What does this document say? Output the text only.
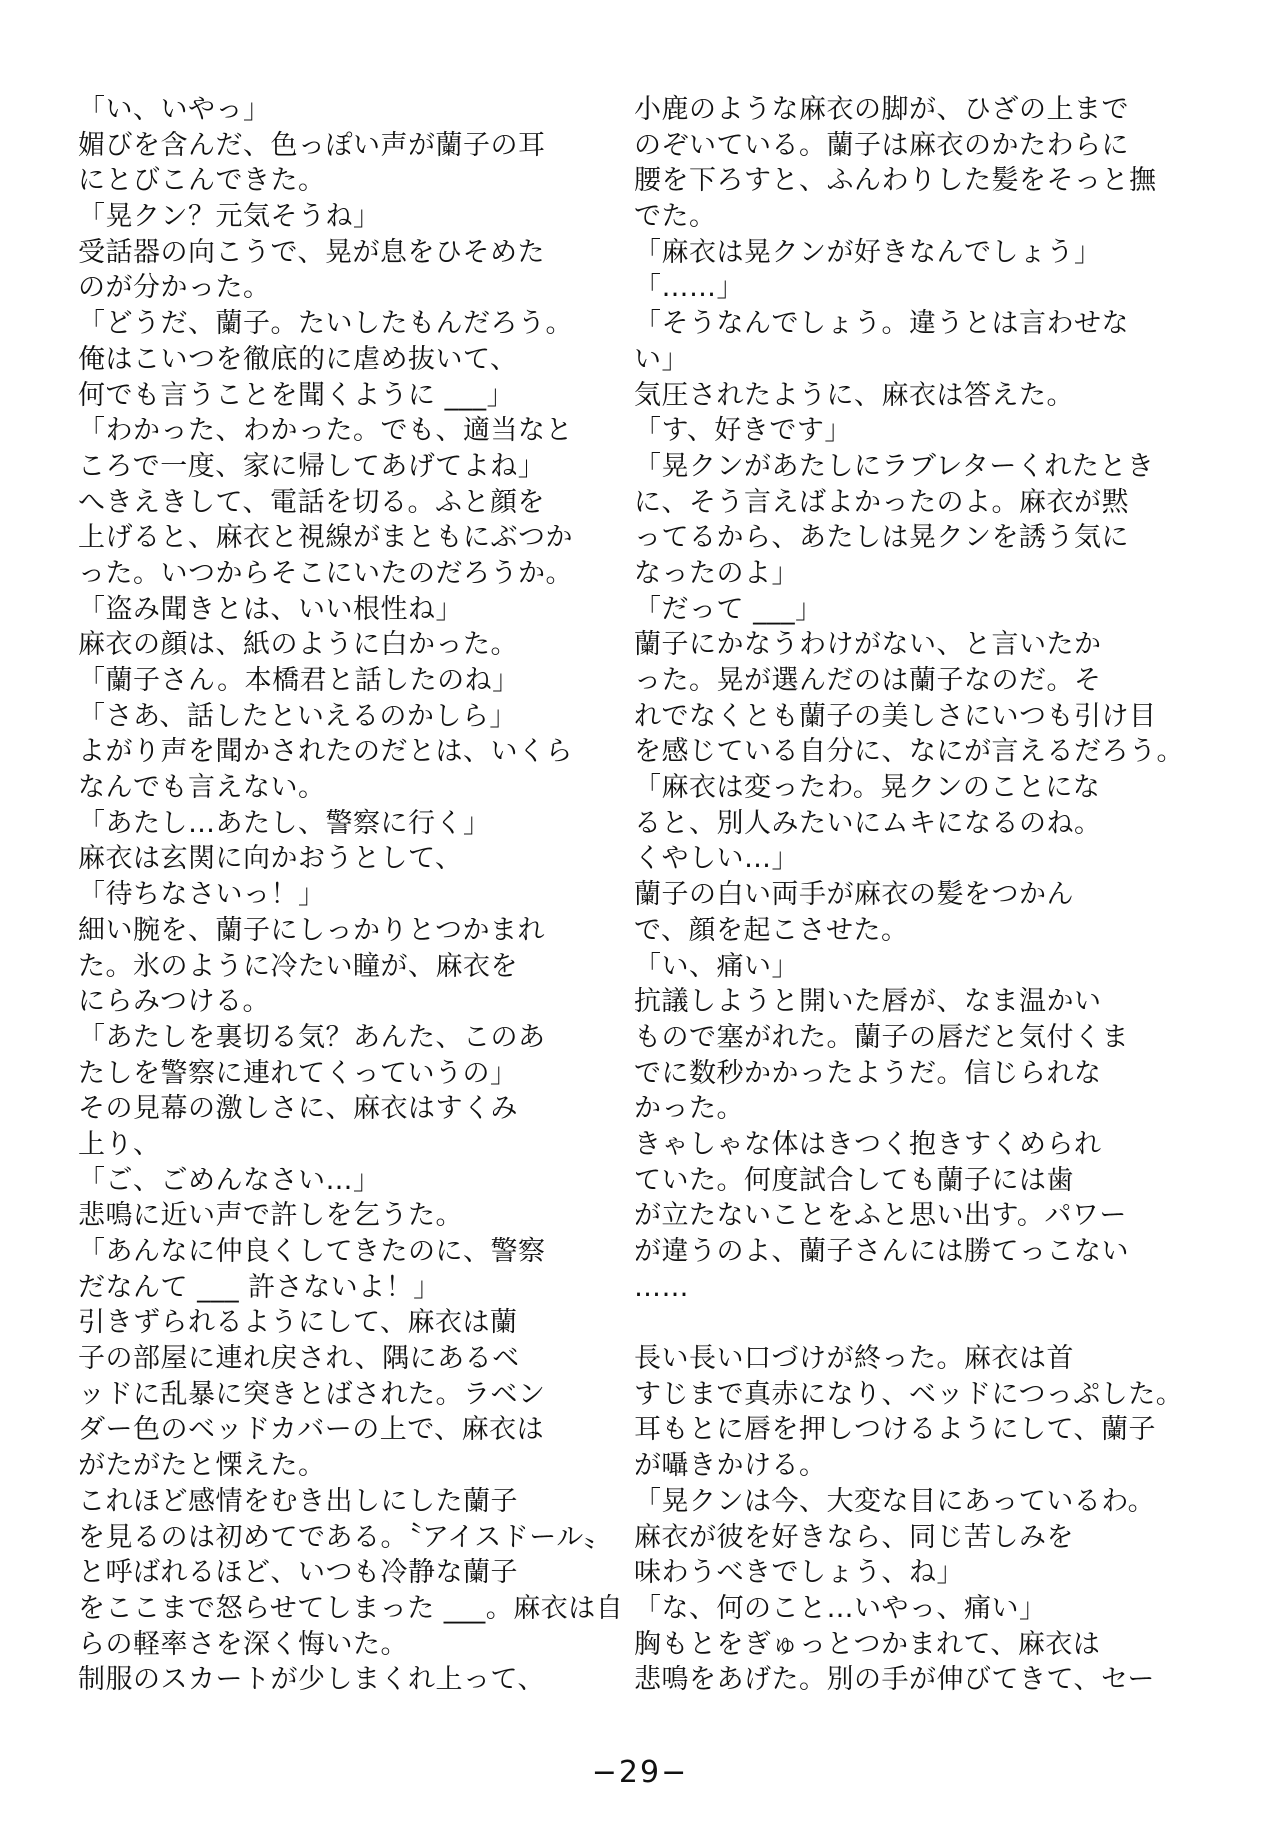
「い、いやっ」
媚びを含んだ、色っぽい声が蘭子の耳
にとびこんできた。
「晃クン？元気そうね」
受話器の向こうで、晃が息をひそめた
のが分かった。
「どうだ、蘭子。たいしたもんだろう。
俺はこいつを徹底的に虐め抜いて、
何でも言うことを聞くように ___」
「わかった、わかった。でも、適当なと
ころで一度、家に帰してあげてよね」
へきえきして、電話を切る。ふと顔を
上げると、麻衣と視線がまともにぶつか
った。いつからそこにいたのだろうか。
「盗み聞きとは、いい根性ね」
麻衣の顔は、紙のように白かった。
「蘭子さん。本橋君と話したのね」
「さあ、話したといえるのかしら」
よがり声を聞かされたのだとは、いくら
なんでも言えない。
「あたし…あたし、警察に行く」
麻衣は玄関に向かおうとして、
「待ちなさいっ！」
細い腕を、蘭子にしっかりとつかまれ
た。氷のように冷たい瞳が、麻衣を
にらみつける。
「あたしを裏切る気？あんた、このあ
たしを警察に連れてくっていうの」
その見幕の激しさに、麻衣はすくみ
上り、
「ご、ごめんなさい…」
悲鳴に近い声で許しを乞うた。
「あんなに仲良くしてきたのに、警察
だなんて ___ 許さないよ！」
引きずられるようにして、麻衣は蘭
子の部屋に連れ戻され、隅にあるベ
ッドに乱暴に突きとばされた。ラベン
ダー色のベッドカバーの上で、麻衣は
がたがたと慄えた。
これほど感情をむき出しにした蘭子
を見るのは初めてである。〝アイスドール〟
と呼ばれるほど、いつも冷静な蘭子
をここまで怒らせてしまった ___。麻衣は自
らの軽率さを深く悔いた。
制服のスカートが少しまくれ上って、
小鹿のような麻衣の脚が、ひざの上まで
のぞいている。蘭子は麻衣のかたわらに
腰を下ろすと、ふんわりした髪をそっと撫
でた。
「麻衣は晃クンが好きなんでしょう」
「……」
「そうなんでしょう。違うとは言わせな
い」
気圧されたように、麻衣は答えた。
「す、好きです」
「晃クンがあたしにラブレターくれたとき
に、そう言えばよかったのよ。麻衣が黙
ってるから、あたしは晃クンを誘う気に
なったのよ」
「だって ___」
蘭子にかなうわけがない、と言いたか
った。晃が選んだのは蘭子なのだ。そ
れでなくとも蘭子の美しさにいつも引け目
を感じている自分に、なにが言えるだろう。
「麻衣は変ったわ。晃クンのことにな
ると、別人みたいにムキになるのね。
くやしい…」
蘭子の白い両手が麻衣の髪をつかん
で、顔を起こさせた。
「い、痛い」
抗議しようと開いた唇が、なま温かい
もので塞がれた。蘭子の唇だと気付くま
でに数秒かかったようだ。信じられな
かった。
きゃしゃな体はきつく抱きすくめられ
ていた。何度試合しても蘭子には歯
が立たないことをふと思い出す。パワー
が違うのよ、蘭子さんには勝てっこない
……
長い長い口づけが終った。麻衣は首
すじまで真赤になり、ベッドにつっぷした。
耳もとに唇を押しつけるようにして、蘭子
が囁きかける。
「晃クンは今、大変な目にあっているわ。
麻衣が彼を好きなら、同じ苦しみを
味わうべきでしょう、ね」
「な、何のこと…いやっ、痛い」
胸もとをぎゅっとつかまれて、麻衣は
悲鳴をあげた。別の手が伸びてきて、セー
−29−
